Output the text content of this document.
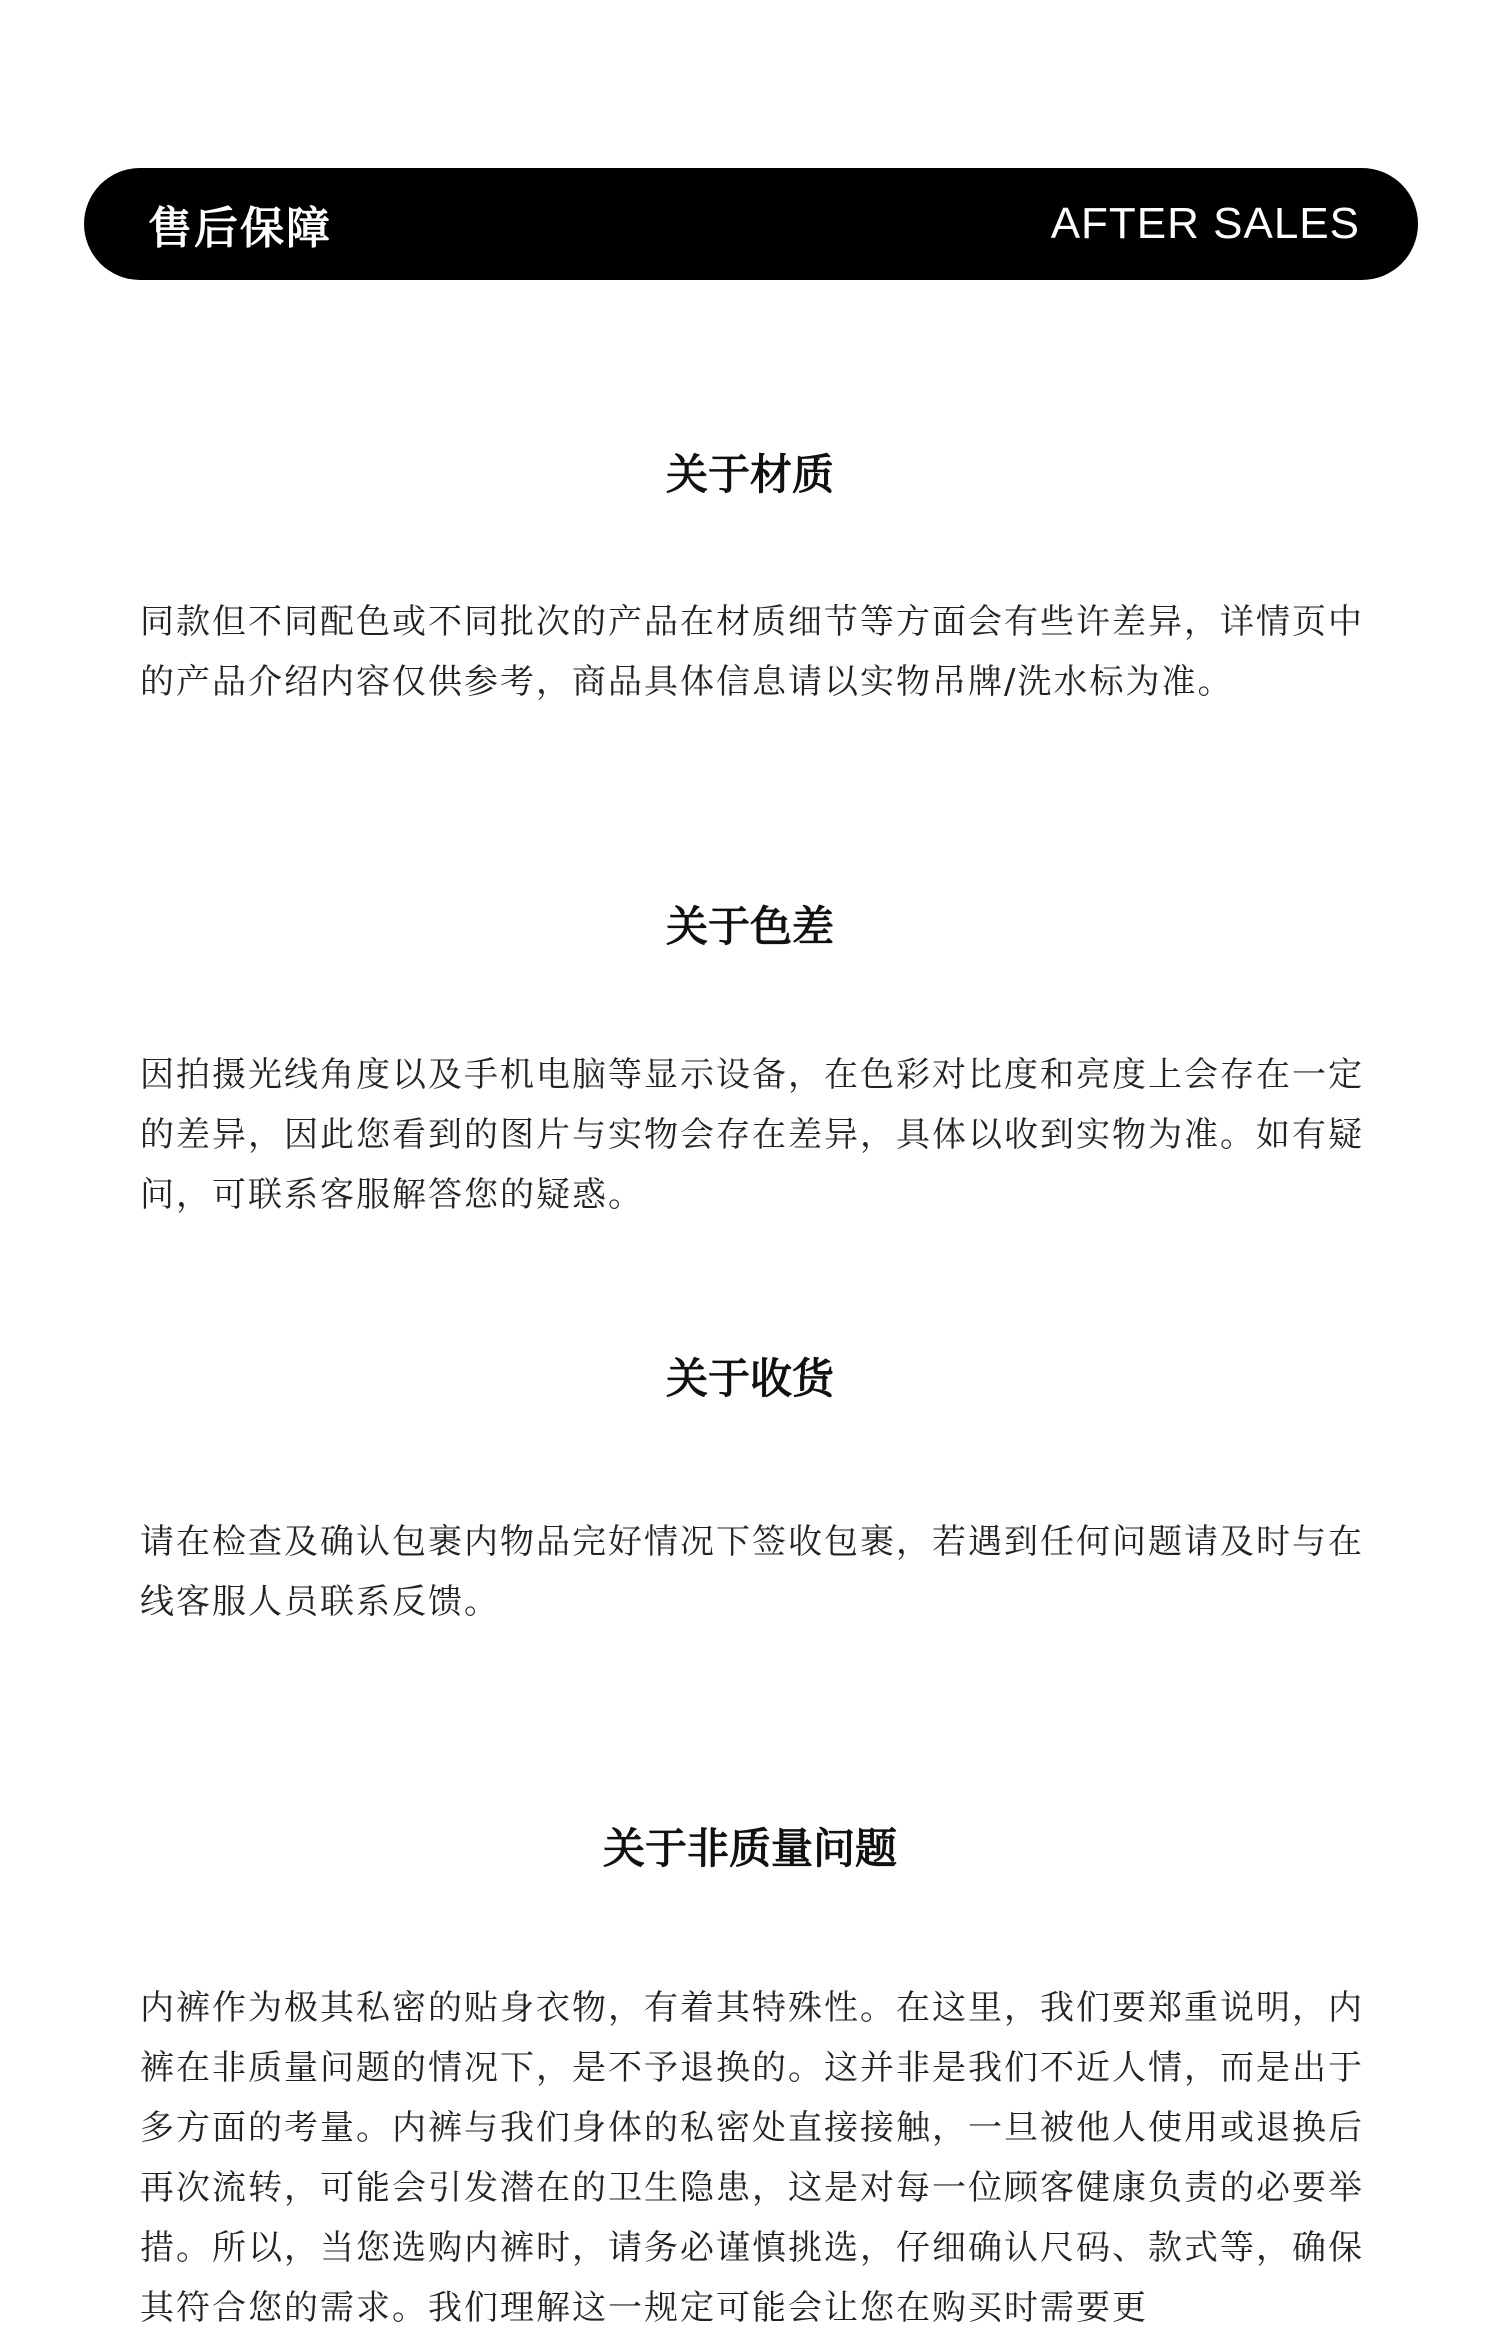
售后保障	AFTER SALES
关于材质

同款但不同配色或不同批次的产品在材质细节等方面会有些许差异，详情页中的产品介绍内容仅供参考，商品具体信息请以实物吊牌/洗水标为准。

关于色差

因拍摄光线角度以及手机电脑等显示设备，在色彩对比度和亮度上会存在一定的差异，因此您看到的图片与实物会存在差异，具体以收到实物为准。如有疑问，可联系客服解答您的疑惑。

关于收货

请在检查及确认包裹内物品完好情况下签收包裹，若遇到任何问题请及时与在线客服人员联系反馈。

关于非质量问题

内裤作为极其私密的贴身衣物，有着其特殊性。在这里，我们要郑重说明，内裤在非质量问题的情况下，是不予退换的。这并非是我们不近人情，而是出于多方面的考量。内裤与我们身体的私密处直接接触，一旦被他人使用或退换后再次流转，可能会引发潜在的卫生隐患，这是对每一位顾客健康负责的必要举措。所以，当您选购内裤时，请务必谨慎挑选，仔细确认尺码、款式等，确保其符合您的需求。我们理解这一规定可能会让您在购买时需要更
